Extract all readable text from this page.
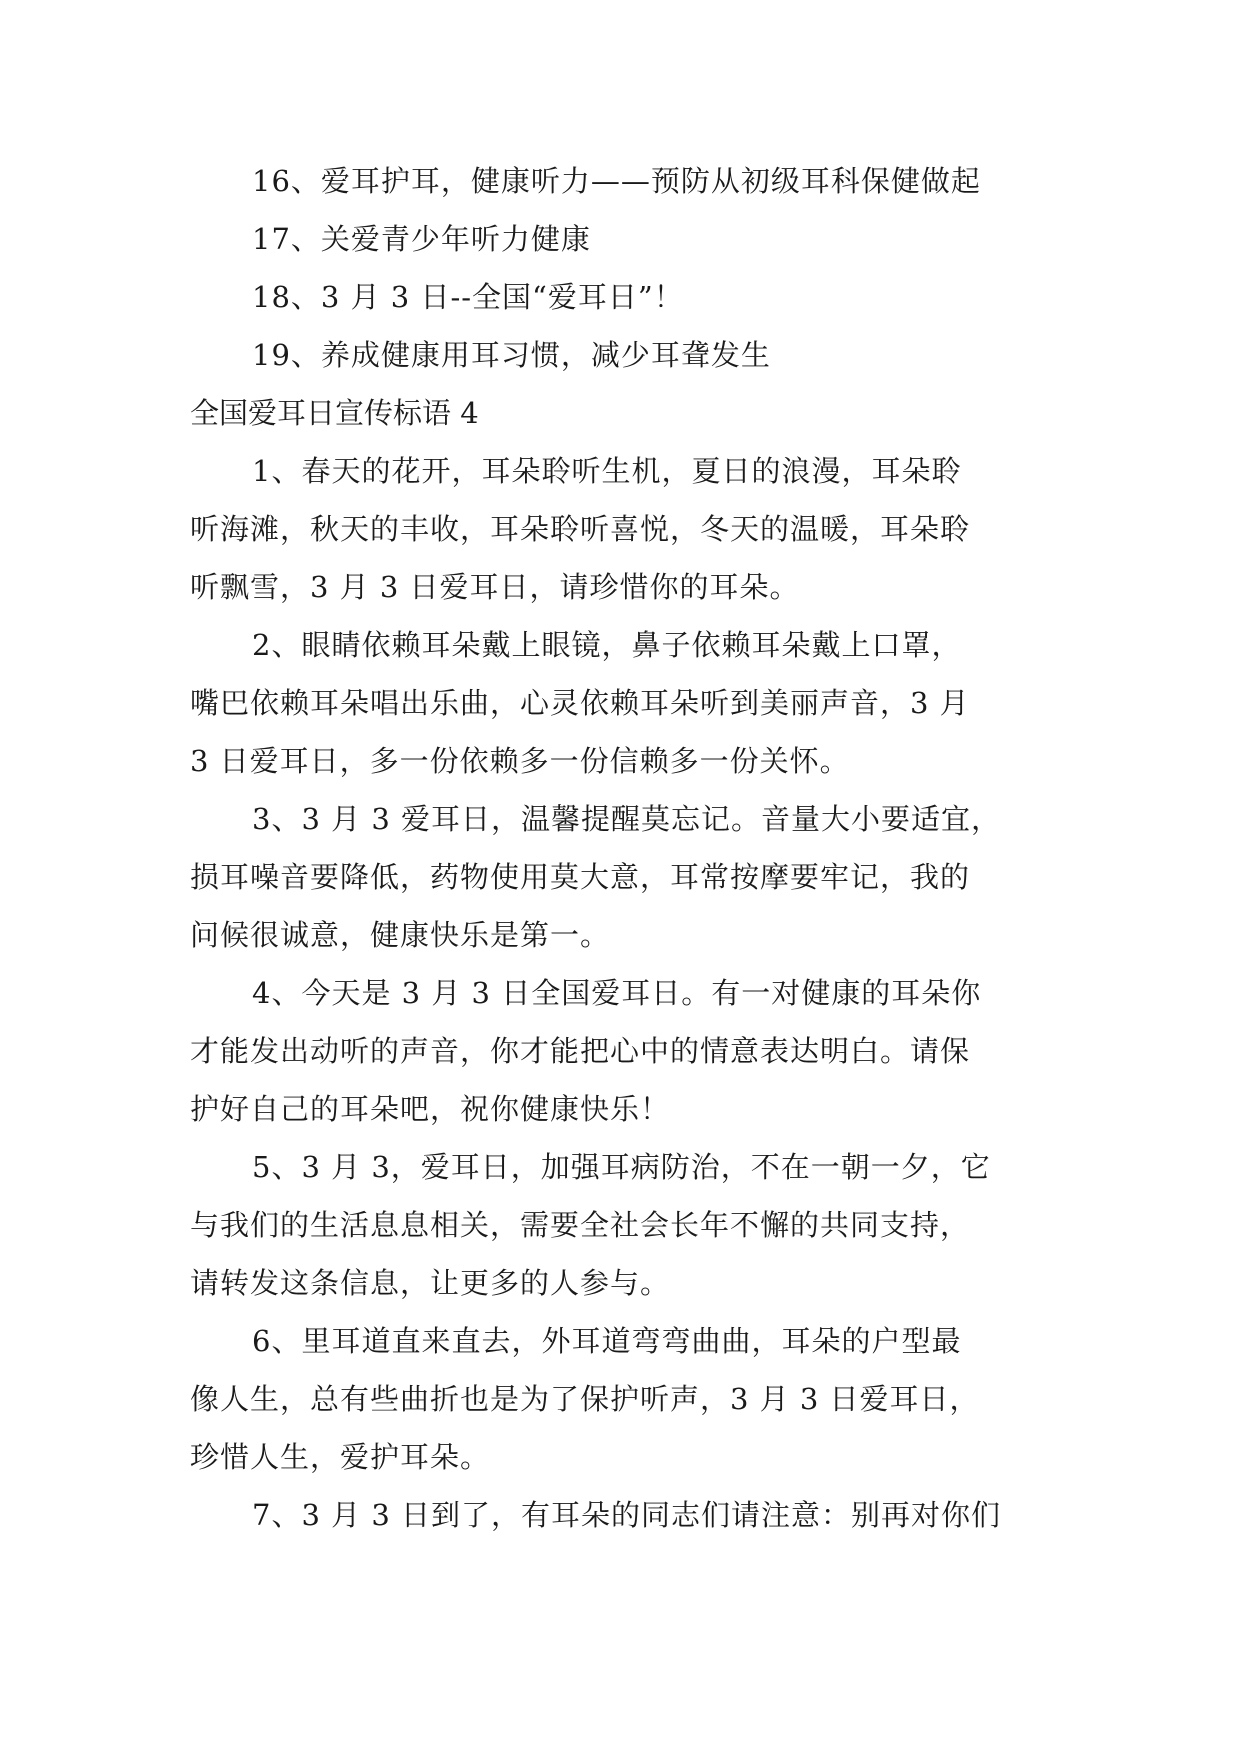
16、爱耳护耳，健康听力——预防从初级耳科保健做起
17、关爱青少年听力健康
18、3 月 3 日--全国“爱耳日”！
19、养成健康用耳习惯，减少耳聋发生
全国爱耳日宣传标语 4
1、春天的花开，耳朵聆听生机，夏日的浪漫，耳朵聆
听海滩，秋天的丰收，耳朵聆听喜悦，冬天的温暖，耳朵聆
听飘雪，3 月 3 日爱耳日，请珍惜你的耳朵。
2、眼睛依赖耳朵戴上眼镜，鼻子依赖耳朵戴上口罩，
嘴巴依赖耳朵唱出乐曲，心灵依赖耳朵听到美丽声音，3 月
3 日爱耳日，多一份依赖多一份信赖多一份关怀。
3、3 月 3 爱耳日，温馨提醒莫忘记。音量大小要适宜，
损耳噪音要降低，药物使用莫大意，耳常按摩要牢记，我的
问候很诚意，健康快乐是第一。
4、今天是 3 月 3 日全国爱耳日。有一对健康的耳朵你
才能发出动听的声音，你才能把心中的情意表达明白。请保
护好自己的耳朵吧，祝你健康快乐！
5、3 月 3，爱耳日，加强耳病防治，不在一朝一夕，它
与我们的生活息息相关，需要全社会长年不懈的共同支持，
请转发这条信息，让更多的人参与。
6、里耳道直来直去，外耳道弯弯曲曲，耳朵的户型最
像人生，总有些曲折也是为了保护听声，3 月 3 日爱耳日，
珍惜人生，爱护耳朵。
7、3 月 3 日到了，有耳朵的同志们请注意：别再对你们
